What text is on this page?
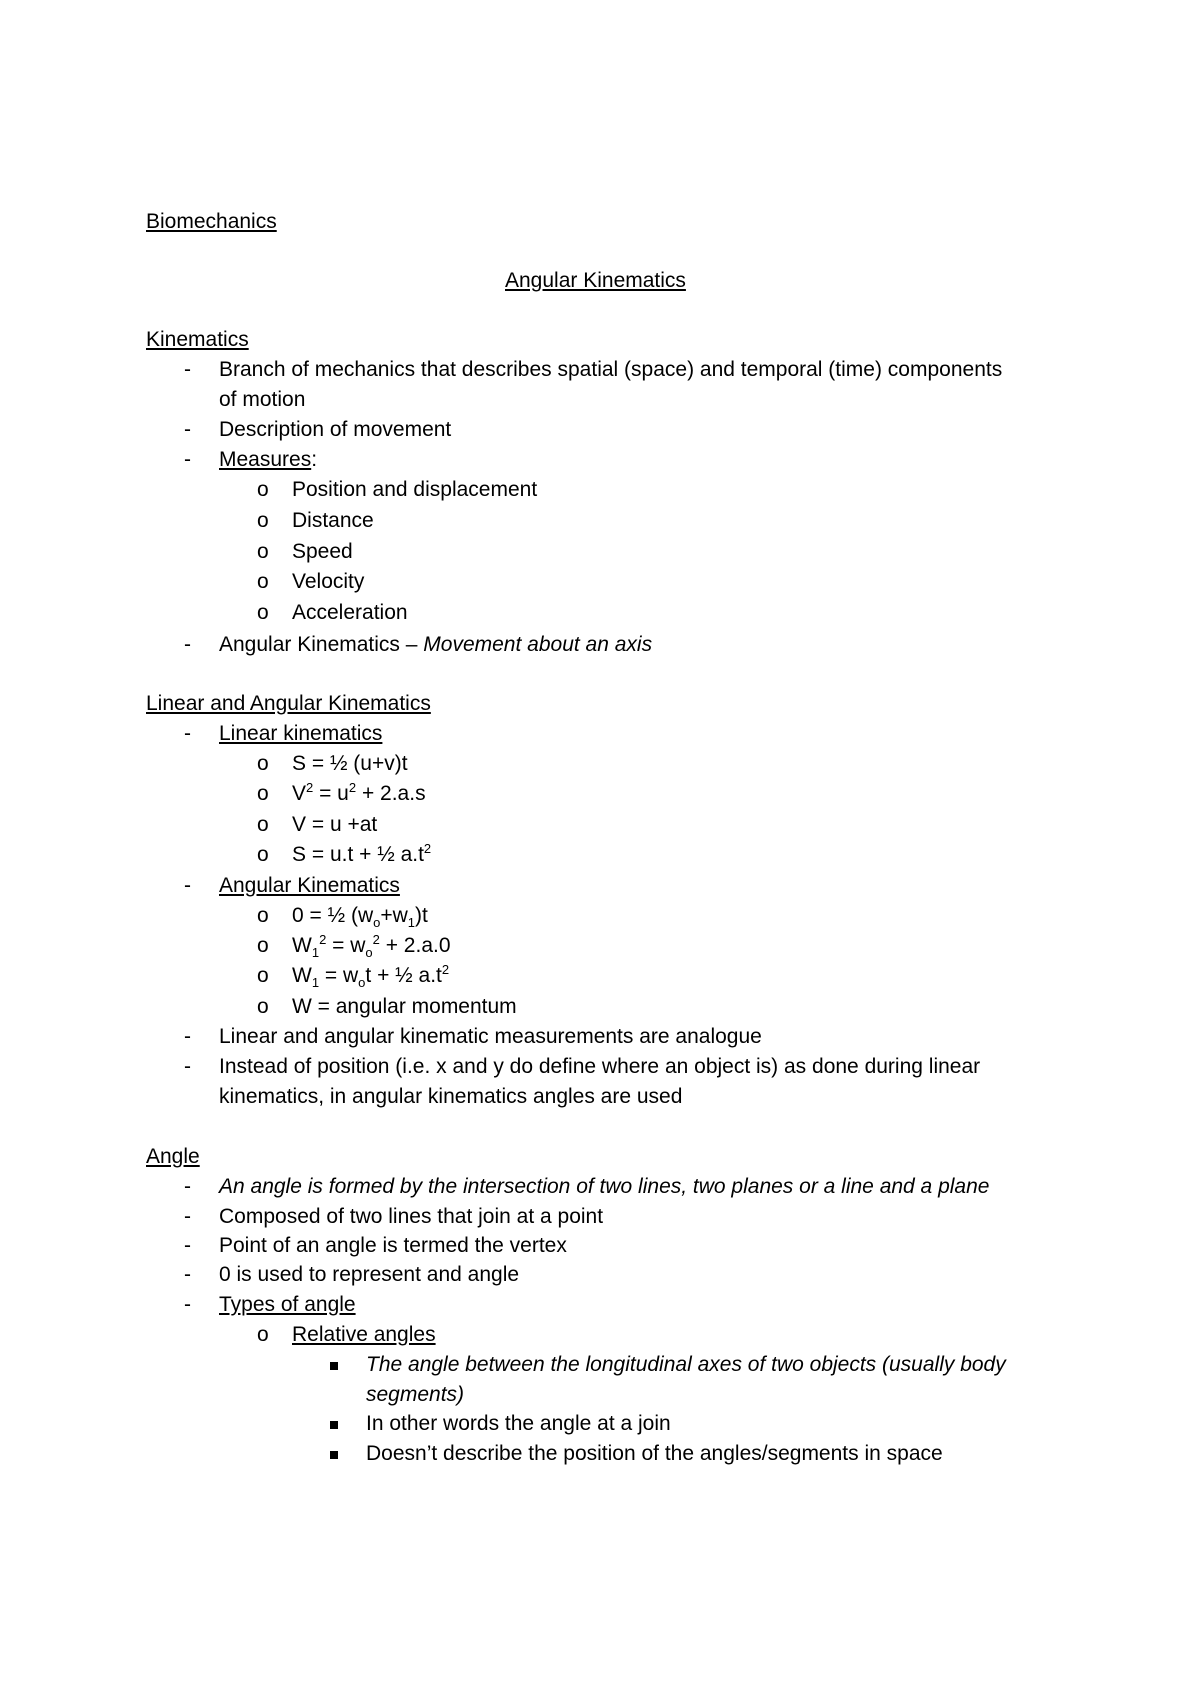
Biomechanics
Angular Kinematics
Kinematics
- Branch of mechanics that describes spatial (space) and temporal (time) components
of motion
- Description of movement
- Measures:
o Position and displacement
o Distance
o Speed
o Velocity
o Acceleration
- Angular Kinematics – Movement about an axis
Linear and Angular Kinematics
- Linear kinematics
o S = ½ (u+v)t
o $V^2 = u^2 + 2.a.s$
o V = u +at
o S = u.t + ½ $a.t^2$
- Angular Kinematics
o 0 = ½ $(w_o+w_1)t$
o $W_1^2 = w_o^2 + 2.a.0$
o $W_1 = w_ot$ + ½ $a.t^2$
o W = angular momentum
- Linear and angular kinematic measurements are analogue
- Instead of position (i.e. x and y do define where an object is) as done during linear
kinematics, in angular kinematics angles are used
Angle
- An angle is formed by the intersection of two lines, two planes or a line and a plane
- Composed of two lines that join at a point
- Point of an angle is termed the vertex
- 0 is used to represent and angle
- Types of angle
o Relative angles
The angle between the longitudinal axes of two objects (usually body
segments)
In other words the angle at a join
Doesn’t describe the position of the angles/segments in space
